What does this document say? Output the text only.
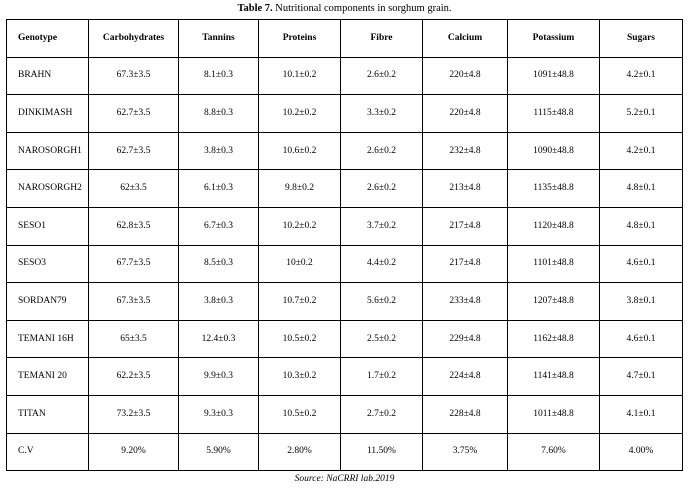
Table 7. Nutritional components in sorghum grain.
Genotype	Carbohydrates	Tannins	Proteins	Fibre	Calcium	Potassium	Sugars
BRAHN	67.3±3.5	8.1±0.3	10.1±0.2	2.6±0.2	220±4.8	1091±48.8	4.2±0.1
DINKIMASH	62.7±3.5	8.8±0.3	10.2±0.2	3.3±0.2	220±4.8	1115±48.8	5.2±0.1
NAROSORGH1	62.7±3.5	3.8±0.3	10.6±0.2	2.6±0.2	232±4.8	1090±48.8	4.2±0.1
NAROSORGH2	62±3.5	6.1±0.3	9.8±0.2	2.6±0.2	213±4.8	1135±48.8	4.8±0.1
SESO1	62.8±3.5	6.7±0.3	10.2±0.2	3.7±0.2	217±4.8	1120±48.8	4.8±0.1
SESO3	67.7±3.5	8.5±0.3	10±0.2	4.4±0.2	217±4.8	1101±48.8	4.6±0.1
SORDAN79	67.3±3.5	3.8±0.3	10.7±0.2	5.6±0.2	233±4.8	1207±48.8	3.8±0.1
TEMANI 16H	65±3.5	12.4±0.3	10.5±0.2	2.5±0.2	229±4.8	1162±48.8	4.6±0.1
TEMANI 20	62.2±3.5	9.9±0.3	10.3±0.2	1.7±0.2	224±4.8	1141±48.8	4.7±0.1
TITAN	73.2±3.5	9.3±0.3	10.5±0.2	2.7±0.2	228±4.8	1011±48.8	4.1±0.1
C.V	9.20%	5.90%	2.80%	11.50%	3.75%	7.60%	4.00%
Source: NaCRRI lab.2019
